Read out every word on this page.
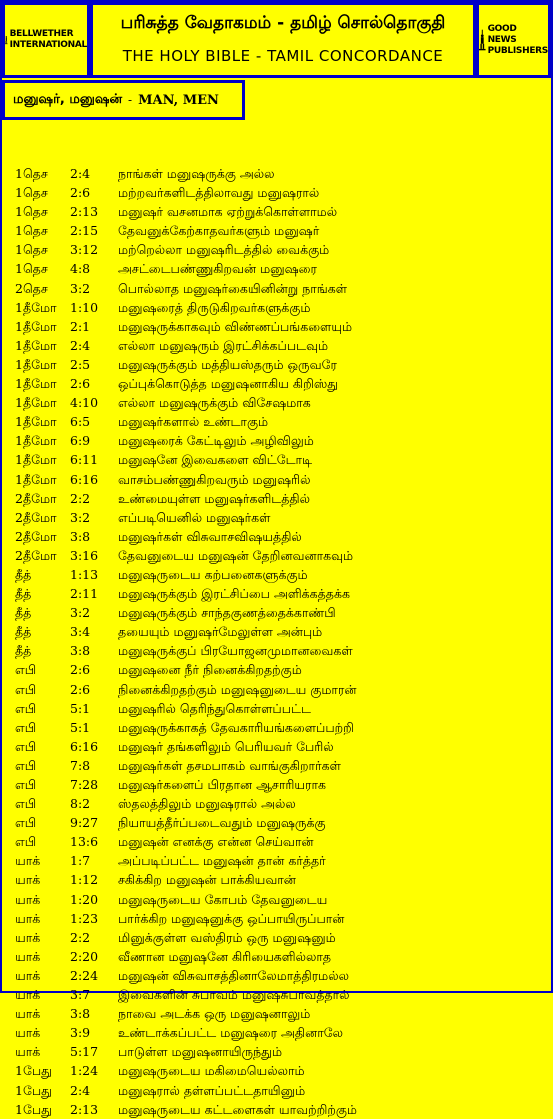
BELLWETHER
INTERNATIONAL
பரிசுத்த வேதாகமம் - தமிழ் சொல்தொகுதி
THE HOLY BIBLE - TAMIL CONCORDANCE
GOOD NEWS
PUBLISHERS
மனுஷர், மனுஷன் - MAN, MEN
1தெச	2:4	நாங்கள் மனுஷருக்கு அல்ல
1தெச	2:6	மற்றவர்களிடத்திலாவது மனுஷரால்
1தெச	2:13	மனுஷர் வசனமாக ஏற்றுக்கொள்ளாமல்
1தெச	2:15	தேவனுக்கேற்காதவர்களும் மனுஷர்
1தெச	3:12	மற்றெல்லா மனுஷரிடத்தில் வைக்கும்
1தெச	4:8	அசட்டைபண்ணுகிறவன் மனுஷரை
2தெச	3:2	பொல்லாத மனுஷர்கையினின்று நாங்கள்
1தீமோ	1:10	மனுஷரைத் திருடுகிறவர்களுக்கும்
1தீமோ	2:1	மனுஷருக்காகவும் விண்ணப்பங்களையும்
1தீமோ	2:4	எல்லா மனுஷரும் இரட்சிக்கப்படவும்
1தீமோ	2:5	மனுஷருக்கும் மத்தியஸ்தரும் ஒருவரே
1தீமோ	2:6	ஒப்புக்கொடுத்த மனுஷனாகிய கிறிஸ்து
1தீமோ	4:10	எல்லா மனுஷருக்கும் விசேஷமாக
1தீமோ	6:5	மனுஷர்களால் உண்டாகும்
1தீமோ	6:9	மனுஷரைக் கேட்டிலும் அழிவிலும்
1தீமோ	6:11	மனுஷனே இவைகளை விட்டோடி
1தீமோ	6:16	வாசம்பண்ணுகிறவரும் மனுஷரில்
2தீமோ	2:2	உண்மையுள்ள மனுஷர்களிடத்தில்
2தீமோ	3:2	எப்படியெனில் மனுஷர்கள்
2தீமோ	3:8	மனுஷர்கள் விசுவாசவிஷயத்தில்
2தீமோ	3:16	தேவனுடைய மனுஷன் தேறினவனாகவும்
தீத்	1:13	மனுஷருடைய கற்பனைகளுக்கும்
தீத்	2:11	மனுஷருக்கும் இரட்சிப்பை அளிக்கத்தக்க
தீத்	3:2	மனுஷருக்கும் சாந்தகுணத்தைக்காண்பி
தீத்	3:4	தயையும் மனுஷர்மேலுள்ள அன்பும்
தீத்	3:8	மனுஷருக்குப் பிரயோஜனமுமானவைகள்
எபி	2:6	மனுஷனை நீர் நினைக்கிறதற்கும்
எபி	2:6	நினைக்கிறதற்கும் மனுஷனுடைய குமாரன்
எபி	5:1	மனுஷரில் தெரிந்துகொள்ளப்பட்ட
எபி	5:1	மனுஷருக்காகத் தேவகாரியங்களைப்பற்றி
எபி	6:16	மனுஷர் தங்களிலும் பெரியவர் பேரில்
எபி	7:8	மனுஷர்கள் தசமபாகம் வாங்குகிறார்கள்
எபி	7:28	மனுஷர்களைப் பிரதான ஆசாரியராக
எபி	8:2	ஸ்தலத்திலும் மனுஷரால் அல்ல
எபி	9:27	நியாயத்தீர்ப்படைவதும் மனுஷருக்கு
எபி	13:6	மனுஷன் எனக்கு என்ன செய்வான்
யாக்	1:7	அப்படிப்பட்ட மனுஷன் தான் கர்த்தர்
யாக்	1:12	சகிக்கிற மனுஷன் பாக்கியவான்
யாக்	1:20	மனுஷருடைய கோபம் தேவனுடைய
யாக்	1:23	பார்க்கிற மனுஷனுக்கு ஒப்பாயிருப்பான்
யாக்	2:2	மினுக்குள்ள வஸ்திரம் ஒரு மனுஷனும்
யாக்	2:20	வீணான மனுஷனே கிரியைகளில்லாத
யாக்	2:24	மனுஷன் விசுவாசத்தினாலேமாத்திரமல்ல
யாக்	3:7	இவைகளின் சுபாவம் மனுஷசுபாவத்தால்
யாக்	3:8	நாவை அடக்க ஒரு மனுஷனாலும்
யாக்	3:9	உண்டாக்கப்பட்ட மனுஷரை அதினாலே
யாக்	5:17	பாடுள்ள மனுஷனாயிருந்தும்
1பேது	1:24	மனுஷருடைய மகிமையெல்லாம்
1பேது	2:4	மனுஷரால் தள்ளப்பட்டதாயினும்
1பேது	2:13	மனுஷருடைய கட்டளைகள் யாவற்றிற்கும்
